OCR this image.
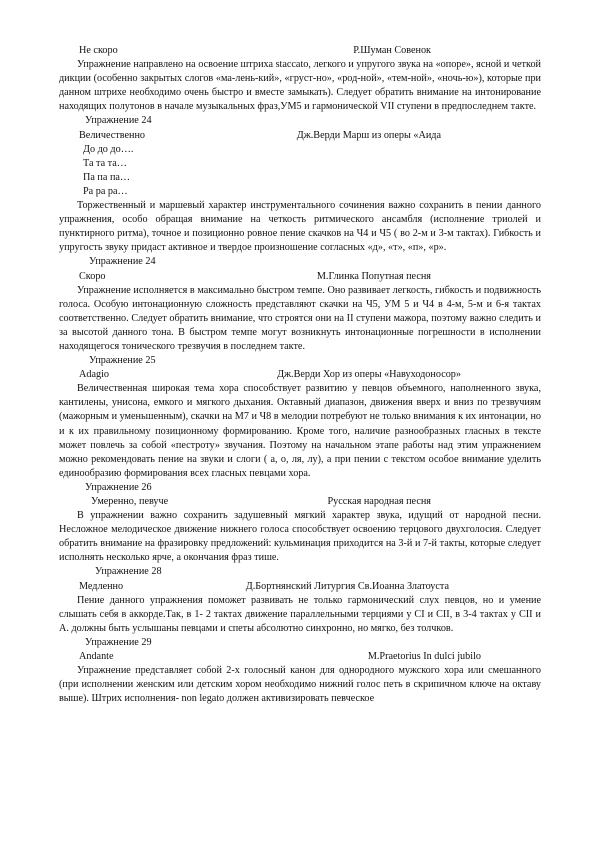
Не скоро	Р.Шуман Совенок

Упражнение направлено на освоение штриха staccato, легкого и упругого звука на «опоре», ясной и четкой дикции (особенно закрытых слогов «ма-лень-кий», «груст-но», «род-ной», «тем-ной», «ночь-ю»), которые при данном штрихе необходимо очень быстро и вместе замыкать). Следует обратить внимание на интонирование находящих полутонов в начале музыкальных фраз,УМ5 и гармонической VII ступени в предпоследнем такте.

Упражнение 24
Величественно	Дж.Верди Марш из оперы «Аида
До до до….
Та та та…
Па па па…
Ра ра ра…

Торжественный и маршевый характер инструментального сочинения важно сохранить в пении данного упражнения, особо обращая внимание на четкость ритмического ансамбля (исполнение триолей и пунктирного ритма), точное и позиционно ровное пение скачков на Ч4 и Ч5 ( во 2-м и 3-м тактах). Гибкость и упругость звуку придаст активное и твердое произношение согласных «д», «т», «п», «р».

Упражнение 24
Скоро	М.Глинка Попутная песня

Упражнение исполняется в максимально быстром темпе. Оно развивает легкость, гибкость и подвижность голоса. Особую интонационную сложность представляют скачки на Ч5, УМ 5 и Ч4 в 4-м, 5-м и 6-я тактах соответственно. Следует обратить внимание, что строятся они на II ступени мажора, поэтому важно следить и за высотой данного тона. В быстром темпе могут возникнуть интонационные погрешности в исполнении находящегося тонического трезвучия в последнем такте.

Упражнение 25
Adagio	Дж.Верди Хор из оперы «Навуходоносор»

Величественная широкая тема хора способствует развитию у певцов объемного, наполненного звука, кантилены, унисона, емкого и мягкого дыхания. Октавный диапазон, движения вверх и вниз по трезвучиям (мажорным и уменьшенным), скачки на М7 и Ч8 в мелодии потребуют не только внимания к их интонации, но и к их правильному позиционному формированию. Кроме того, наличие разнообразных гласных в тексте может повлечь за собой «пестроту» звучания. Поэтому на начальном этапе работы над этим упражнением можно рекомендовать пение на звуки и слоги ( а, о, ля, лу), а при пении с текстом особое внимание уделить единообразию формирования всех гласных певцами хора.

Упражнение 26
Умеренно, певуче	Русская народная песня

В упражнении важно сохранить задушевный мягкий характер звука, идущий от народной песни. Несложное мелодическое движение нижнего голоса способствует освоению терцового двухголосия. Следует обратить внимание на фразировку предложений: кульминация приходится на 3-й и 7-й такты, которые следует исполнять несколько ярче, а окончания фраз тише.

Упражнение 28
Медленно	Д.Бортнянский Литургия Св.Иоанна Златоуста

Пение данного упражнения поможет развивать не только гармонический слух певцов, но и умение слышать себя в аккорде.Так, в 1- 2 тактах движение параллельными терциями у СI и СII, в 3-4 тактах у СII и А. должны быть услышаны певцами и спеты абсолютно синхронно, но мягко, без толчков.

Упражнение 29
Andante	M.Praetorius In dulci jubilo

Упражнение представляет собой 2-х голосный канон для однородного мужского хора или смешанного (при исполнении женским или детским хором необходимо нижний голос петь в скрипичном ключе на октаву выше). Штрих исполнения- non legato должен активизировать певческое
